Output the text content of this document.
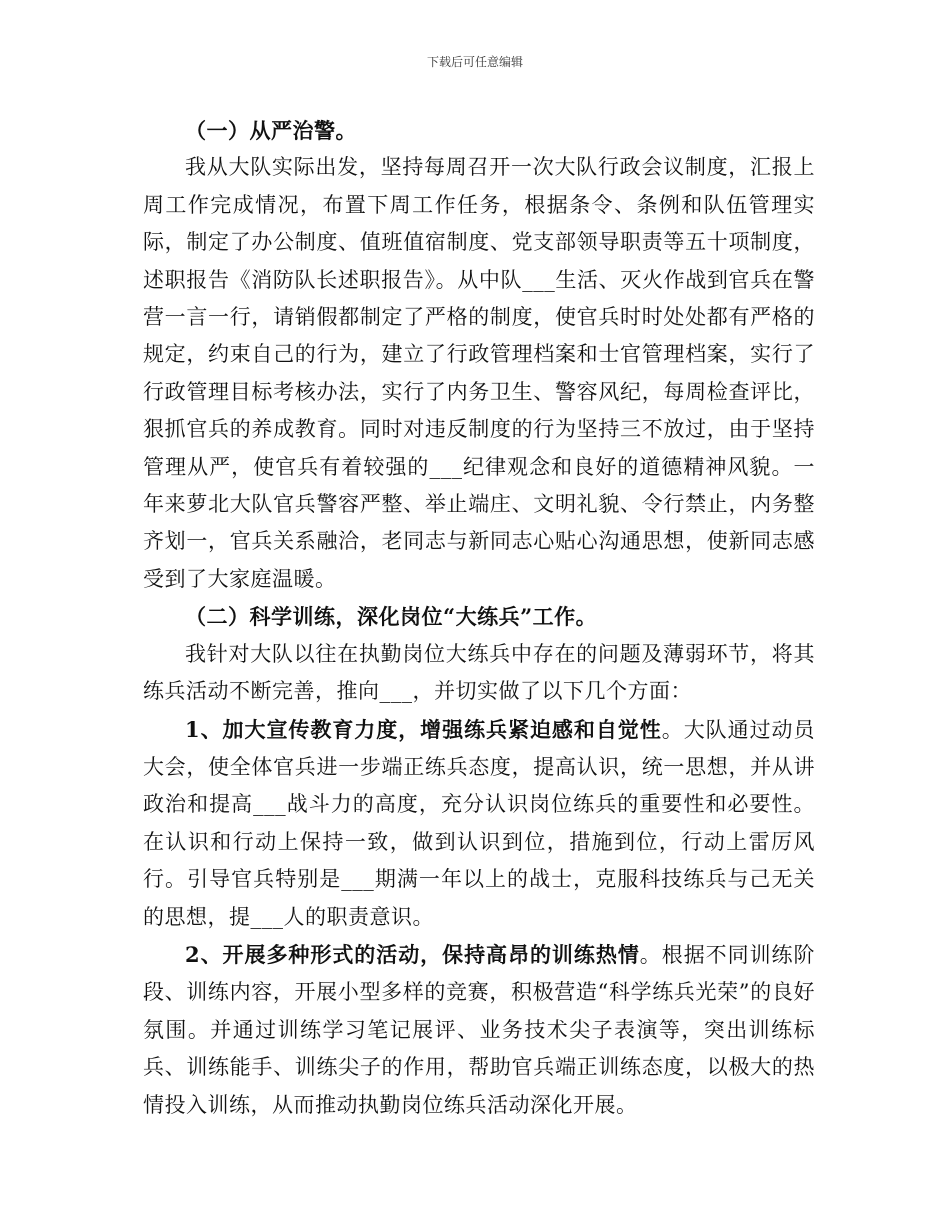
下载后可任意编辑

（一）从严治警。

我从大队实际出发，坚持每周召开一次大队行政会议制度，汇报上周工作完成情况，布置下周工作任务，根据条令、条例和队伍管理实际，制定了办公制度、值班值宿制度、党支部领导职责等五十项制度，述职报告《消防队长述职报告》。从中队___生活、灭火作战到官兵在警营一言一行，请销假都制定了严格的制度，使官兵时时处处都有严格的规定，约束自己的行为，建立了行政管理档案和士官管理档案，实行了行政管理目标考核办法，实行了内务卫生、警容风纪，每周检查评比，狠抓官兵的养成教育。同时对违反制度的行为坚持三不放过，由于坚持管理从严，使官兵有着较强的___纪律观念和良好的道德精神风貌。一年来萝北大队官兵警容严整、举止端庄、文明礼貌、令行禁止，内务整齐划一，官兵关系融洽，老同志与新同志心贴心沟通思想，使新同志感受到了大家庭温暖。

（二）科学训练，深化岗位“大练兵”工作。

我针对大队以往在执勤岗位大练兵中存在的问题及薄弱环节，将其练兵活动不断完善，推向___，并切实做了以下几个方面：

1、加大宣传教育力度，增强练兵紧迫感和自觉性。大队通过动员大会，使全体官兵进一步端正练兵态度，提高认识，统一思想，并从讲政治和提高___战斗力的高度，充分认识岗位练兵的重要性和必要性。在认识和行动上保持一致，做到认识到位，措施到位，行动上雷厉风行。引导官兵特别是___期满一年以上的战士，克服科技练兵与己无关的思想，提___人的职责意识。

2、开展多种形式的活动，保持高昂的训练热情。根据不同训练阶段、训练内容，开展小型多样的竞赛，积极营造“科学练兵光荣”的良好氛围。并通过训练学习笔记展评、业务技术尖子表演等，突出训练标兵、训练能手、训练尖子的作用，帮助官兵端正训练态度，以极大的热情投入训练，从而推动执勤岗位练兵活动深化开展。
